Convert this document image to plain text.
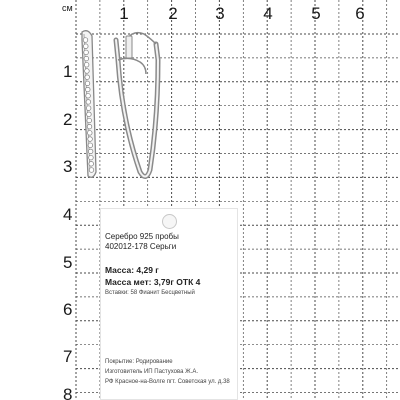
см	1 2 3 4 5 6
1
2
3
4
5
6
7
8
Серебро 925 пробы
402012-178 Серьги
Масса: 4,29 г
Масса мет: 3,79г ОТК 4
Вставки: 58 Фианит Бесцветный
Покрытие: Родирование
Изготовитель ИП Пастухова Ж.А.
РФ Красное-на-Волге пгт. Советская ул. д.38
